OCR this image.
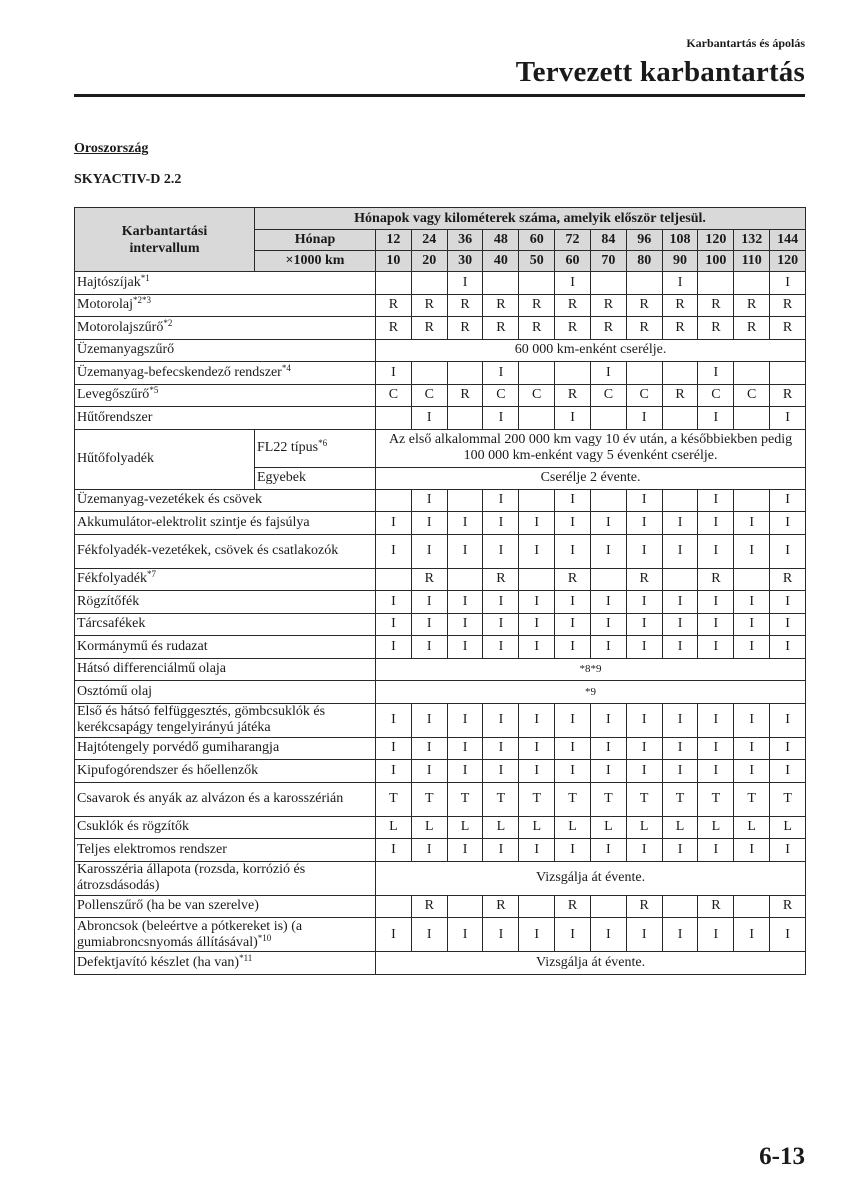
Karbantartás és ápolás
Tervezett karbantartás
Oroszország
SKYACTIV-D 2.2
Karbantartási intervallum	Hónapok vagy kilométerek száma, amelyik először teljesül.												
	Hónap	12	24	36	48	60	72	84	96	108	120	132	144
	×1000 km	10	20	30	40	50	60	70	80	90	100	110	120
Hajtószíjak$^{*1}$				I			I			I			I
Motorolaj$^{*2*3}$		R	R	R	R	R	R	R	R	R	R	R	R
Motorolajszűrő$^{*2}$		R	R	R	R	R	R	R	R	R	R	R	R
Üzemanyagszűrő		60 000 km-enként cserélje.											
Üzemanyag-befecskendező rendszer$^{*4}$		I			I			I			I		
Levegőszűrő$^{*5}$		C	C	R	C	C	R	C	C	R	C	C	R
Hűtőrendszer			I		I		I		I		I		I
Hűtőfolyadék	FL22 típus$^{*6}$	Az első alkalommal 200 000 km vagy 10 év után, a későbbiekben pedig 100 000 km-enként vagy 5 évenként cserélje.											
	Egyebek	Cserélje 2 évente.											
Üzemanyag-vezetékek és csövek			I		I		I		I		I		I
Akkumulátor-elektrolit szintje és fajsúlya		I	I	I	I	I	I	I	I	I	I	I	I
Fékfolyadék-vezetékek, csövek és csatlakozók		I	I	I	I	I	I	I	I	I	I	I	I
Fékfolyadék$^{*7}$			R		R		R		R		R		R
Rögzítőfék		I	I	I	I	I	I	I	I	I	I	I	I
Tárcsafékek		I	I	I	I	I	I	I	I	I	I	I	I
Kormánymű és rudazat		I	I	I	I	I	I	I	I	I	I	I	I
Hátsó differenciálmű olaja		*8*9											
Osztómű olaj		*9											
Első és hátsó felfüggesztés, gömbcsuklók és kerékcsapágy tengelyirányú játéka		I	I	I	I	I	I	I	I	I	I	I	I
Hajtótengely porvédő gumiharangja		I	I	I	I	I	I	I	I	I	I	I	I
Kipufogórendszer és hőellenzők		I	I	I	I	I	I	I	I	I	I	I	I
Csavarok és anyák az alvázon és a karosszérián		T	T	T	T	T	T	T	T	T	T	T	T
Csuklók és rögzítők		L	L	L	L	L	L	L	L	L	L	L	L
Teljes elektromos rendszer		I	I	I	I	I	I	I	I	I	I	I	I
Karosszéria állapota (rozsda, korrózió és átrozsdásodás)		Vizsgálja át évente.											
Pollenszűrő (ha be van szerelve)			R		R		R		R		R		R
Abroncsok (beleértve a pótkereket is) (a gumiabroncsnyomás állításával)$^{*10}$		I	I	I	I	I	I	I	I	I	I	I	I
Defektjavító készlet (ha van)$^{*11}$		Vizsgálja át évente.											
6-13
